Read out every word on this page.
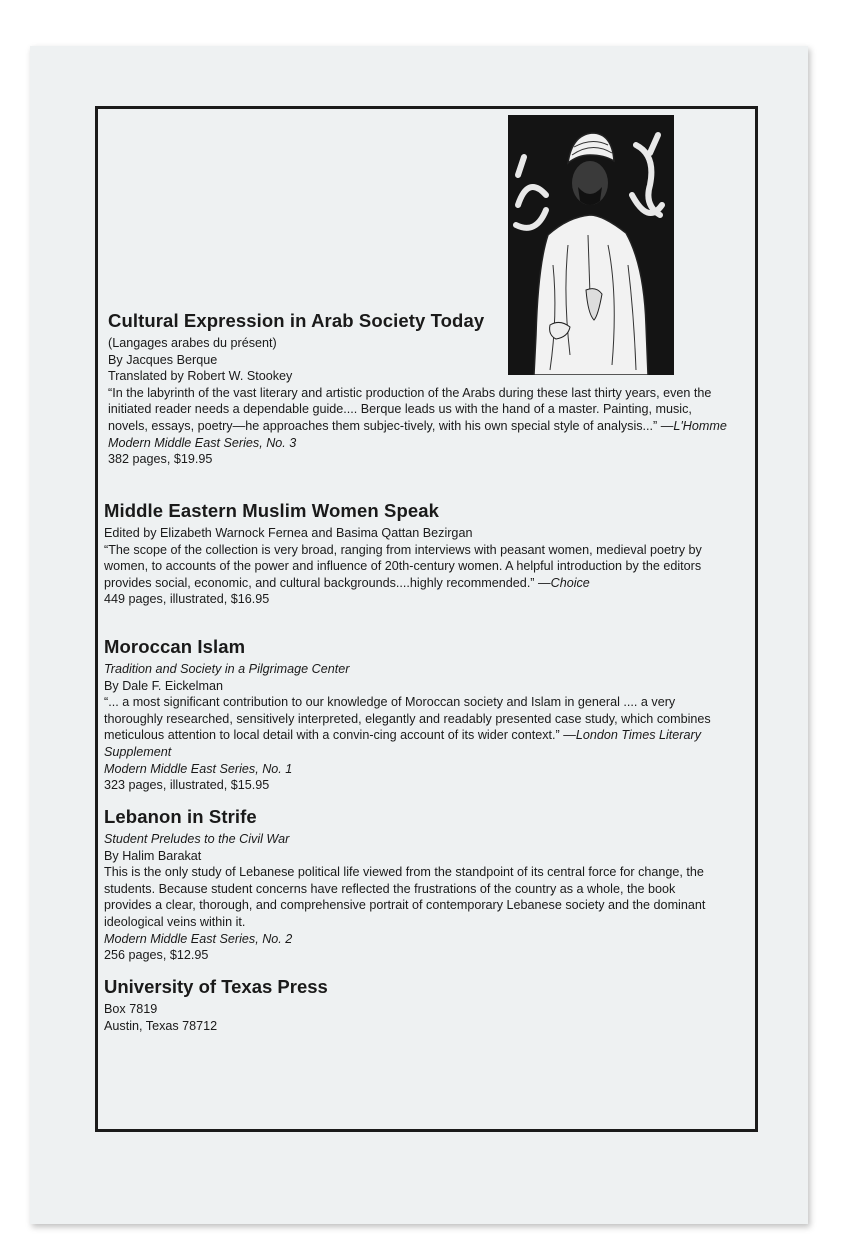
Cultural Expression in Arab Society Today

(Langages arabes du présent)

By Jacques Berque

Translated by Robert W. Stookey

“In the labyrinth of the vast literary and artistic production of the Arabs during these last thirty years, even the initiated reader needs a dependable guide.... Berque leads us with the hand of a master. Painting, music, novels, essays, poetry—he approaches them subjec-tively, with his own special style of analysis...” —L'Homme

Modern Middle East Series, No. 3

382 pages, $19.95

Middle Eastern Muslim Women Speak

Edited by Elizabeth Warnock Fernea and Basima Qattan Bezirgan

“The scope of the collection is very broad, ranging from interviews with peasant women, medieval poetry by women, to accounts of the power and influence of 20th-century women. A helpful introduction by the editors provides social, economic, and cultural backgrounds....highly recommended.” —Choice

449 pages, illustrated, $16.95

Moroccan Islam

Tradition and Society in a Pilgrimage Center

By Dale F. Eickelman

“... a most significant contribution to our knowledge of Moroccan society and Islam in general .... a very thoroughly researched, sensitively interpreted, elegantly and readably presented case study, which combines meticulous attention to local detail with a convin-cing account of its wider context.” —London Times Literary Supplement

Modern Middle East Series, No. 1

323 pages, illustrated, $15.95

Lebanon in Strife

Student Preludes to the Civil War

By Halim Barakat

This is the only study of Lebanese political life viewed from the standpoint of its central force for change, the students. Because student concerns have reflected the frustrations of the country as a whole, the book provides a clear, thorough, and comprehensive portrait of contemporary Lebanese society and the dominant ideological veins within it.

Modern Middle East Series, No. 2

256 pages, $12.95

University of Texas Press

Box 7819

Austin, Texas 78712
